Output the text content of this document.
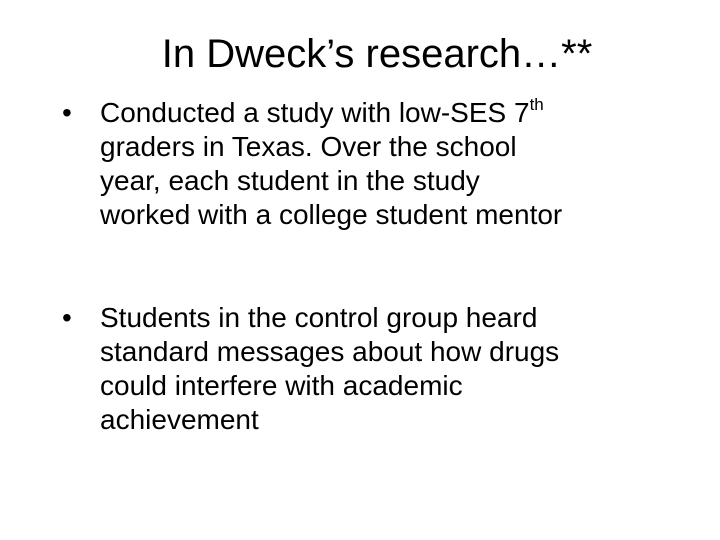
In Dweck’s research…**
•	Conducted a study with low-SES 7th
graders in Texas. Over the school
year, each student in the study
worked with a college student mentor
•	Students in the control group heard
standard messages about how drugs
could interfere with academic
achievement
